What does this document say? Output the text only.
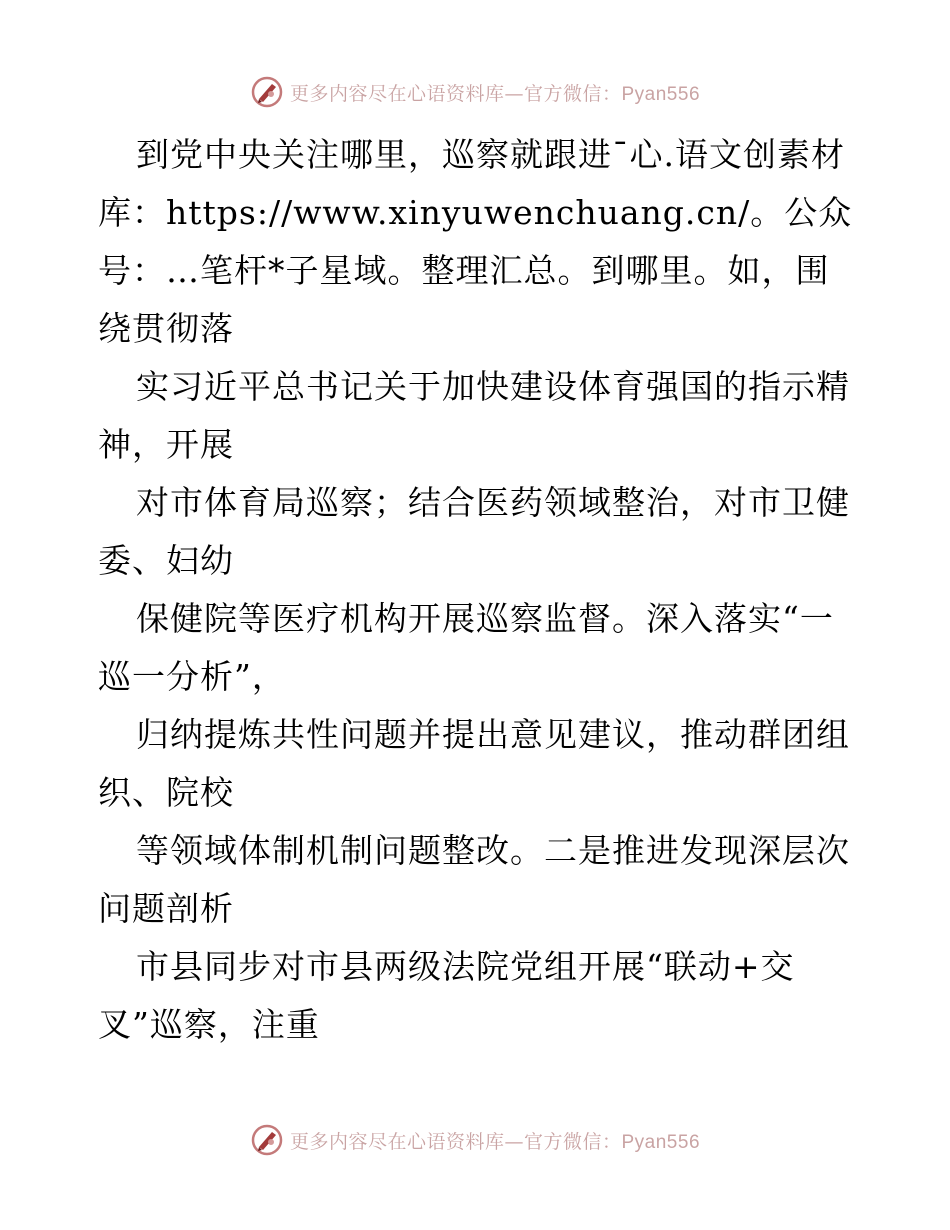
更多内容尽在心语资料库—官方微信：Pyan556
到党中央关注哪里，巡察就跟进¯心.语文创素材
库：https://www.xinyuwenchuang.cn/。公众
号：…笔杆*子星域。整理汇总。到哪里。如，围
绕贯彻落
实习近平总书记关于加快建设体育强国的指示精
神，开展
对市体育局巡察；结合医药领域整治，对市卫健
委、妇幼
保健院等医疗机构开展巡察监督。深入落实“一
巡一分析”，
归纳提炼共性问题并提出意见建议，推动群团组
织、院校
等领域体制机制问题整改。二是推进发现深层次
问题剖析
市县同步对市县两级法院党组开展“联动+交
叉”巡察，注重
更多内容尽在心语资料库—官方微信：Pyan556
